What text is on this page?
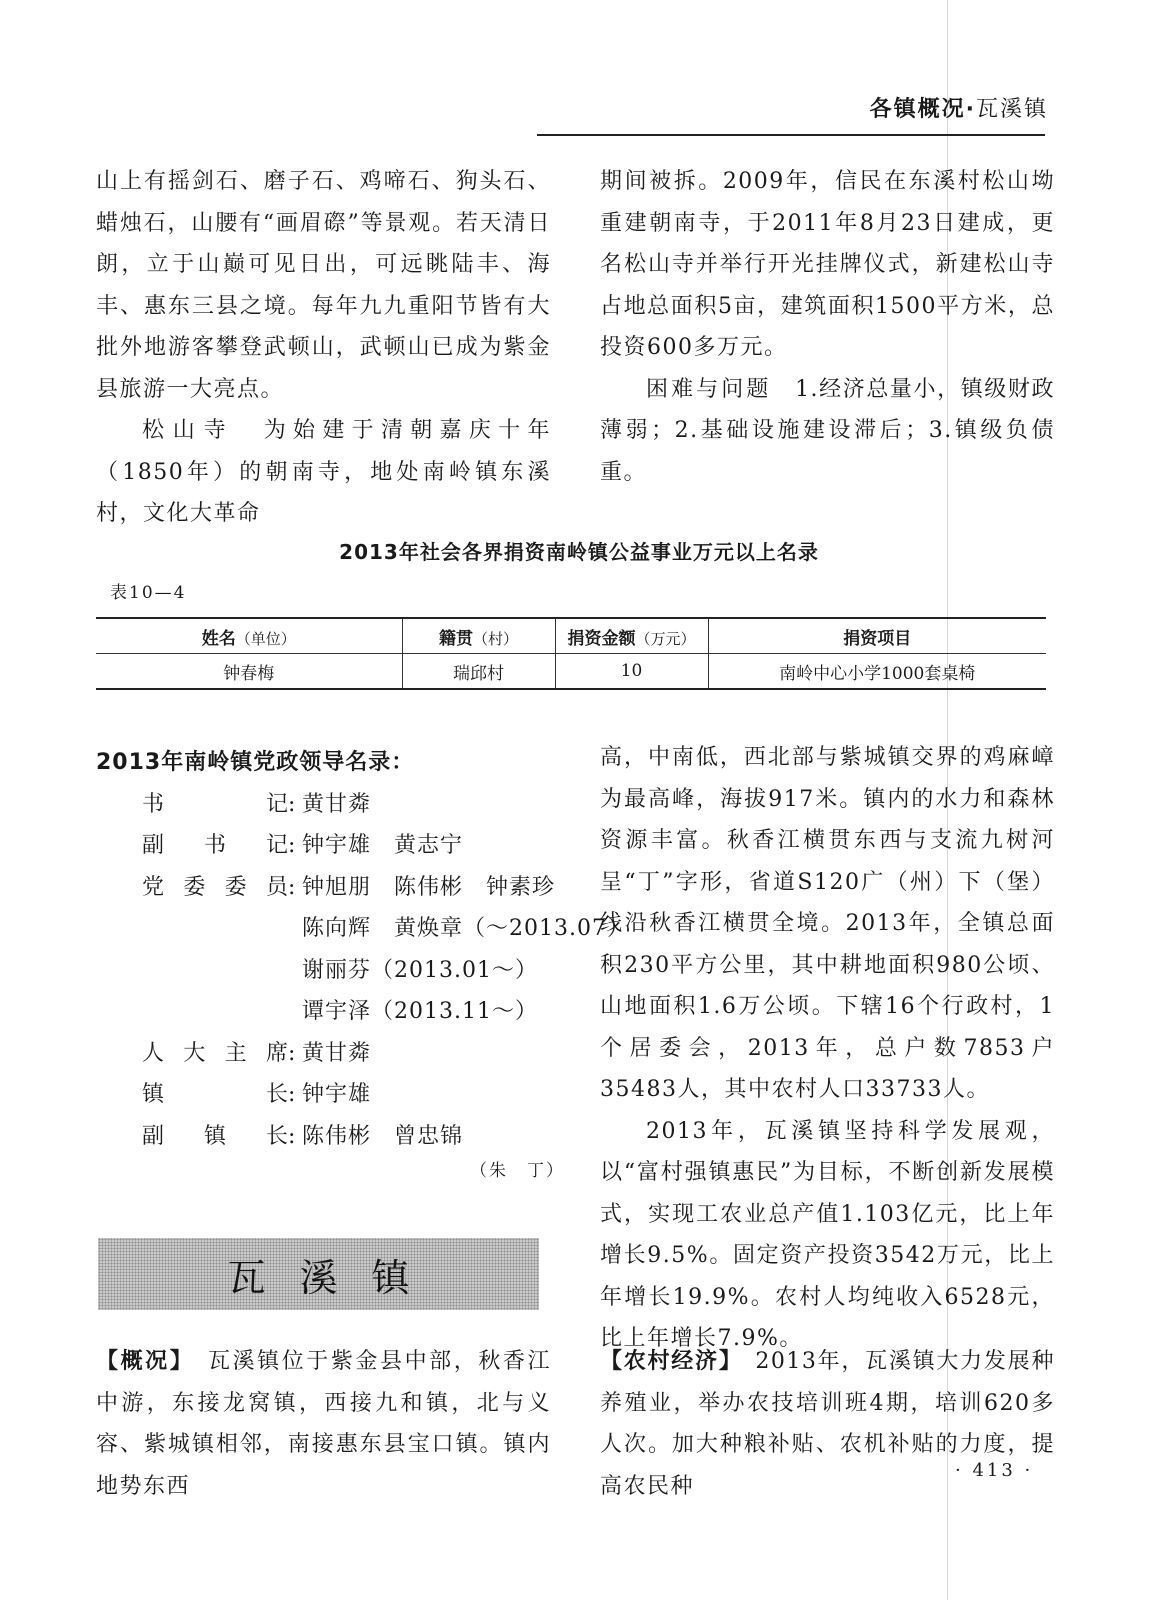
各镇概况·瓦溪镇

山上有摇剑石、磨子石、鸡啼石、狗头石、蜡烛石，山腰有“画眉磜”等景观。若天清日朗，立于山巅可见日出，可远眺陆丰、海丰、惠东三县之境。每年九九重阳节皆有大批外地游客攀登武顿山，武顿山已成为紫金县旅游一大亮点。

松山寺　 为始建于清朝嘉庆十年（1850年）的朝南寺，地处南岭镇东溪村，文化大革命

期间被拆。2009年，信民在东溪村松山坳重建朝南寺，于2011年8月23日建成，更名松山寺并举行开光挂牌仪式，新建松山寺占地总面积5亩，建筑面积1500平方米，总投资600多万元。

困难与问题　 1.经济总量小，镇级财政薄弱；2.基础设施建设滞后；3.镇级负债重。

2013年社会各界捐资南岭镇公益事业万元以上名录
表10—4
姓名（单位）	籍贯（村）	捐资金额（万元）	捐资项目
钟春梅	瑞邱村	10	南岭中心小学1000套桌椅
2013年南岭镇党政领导名录：
书记 : 黄甘粦
副书记 : 钟宇雄　黄志宁
党委委员 : 钟旭朋　陈伟彬　钟素珍
陈向辉　黄焕章（～2013.07）
谢丽芬（2013.01～）
谭宇泽（2013.11～）
人大主席 : 黄甘粦
镇长 : 钟宇雄
副镇长 : 陈伟彬　曾忠锦
（朱　丁）
瓦溪镇

【概况】　 瓦溪镇位于紫金县中部，秋香江中游，东接龙窝镇，西接九和镇，北与义容、紫城镇相邻，南接惠东县宝口镇。镇内地势东西

高，中南低，西北部与紫城镇交界的鸡麻嶂为最高峰，海拔917米。镇内的水力和森林资源丰富。秋香江横贯东西与支流九树河呈“丁”字形，省道S120广（州）下（堡）线沿秋香江横贯全境。2013年，全镇总面积230平方公里，其中耕地面积980公顷、山地面积1.6万公顷。下辖16个行政村，1个居委会，2013年，总户数7853户35483人，其中农村人口33733人。

2013年，瓦溪镇坚持科学发展观，以“富村强镇惠民”为目标，不断创新发展模式，实现工农业总产值1.103亿元，比上年增长9.5%。固定资产投资3542万元，比上年增长19.9%。农村人均纯收入6528元，比上年增长7.9%。

【农村经济】　 2013年，瓦溪镇大力发展种养殖业，举办农技培训班4期，培训620多人次。加大种粮补贴、农机补贴的力度，提高农民种

· 413 ·
